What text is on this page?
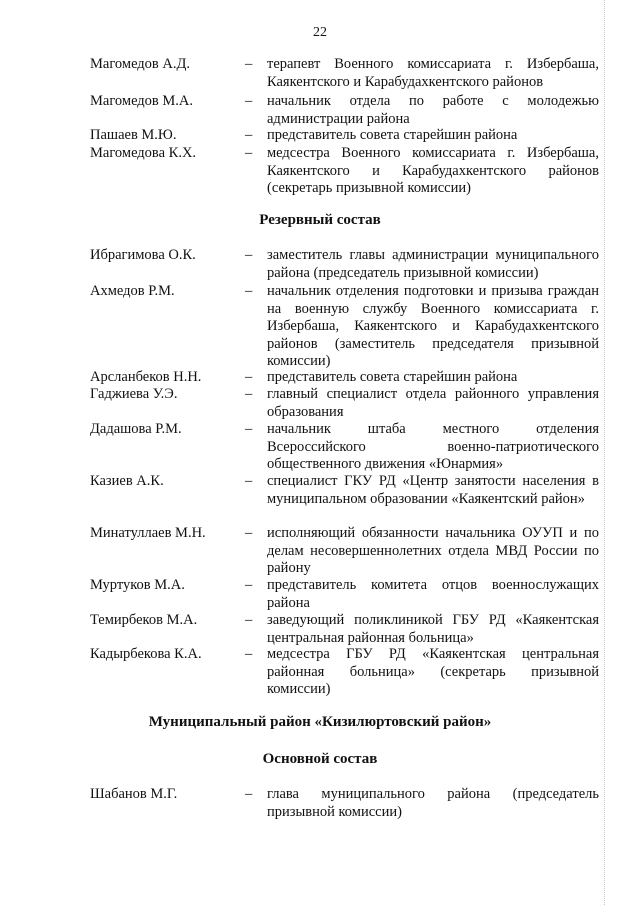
22
Магомедов А.Д.	– терапевт Военного комиссариата г. Избербаша, Каякентского и Карабудахкентского районов
Магомедов М.А.	– начальник отдела по работе с молодежью администрации района
Пашаев М.Ю.	– представитель совета старейшин района
Магомедова К.Х.	– медсестра Военного комиссариата г. Избербаша, Каякентского и Карабудахкентского районов (секретарь призывной комиссии)
Резервный состав
Ибрагимова О.К.	– заместитель главы администрации муниципального района (председатель призывной комиссии)
Ахмедов Р.М.	– начальник отделения подготовки и призыва граждан на военную службу Военного комиссариата г. Избербаша, Каякентского и Карабудахкентского районов (заместитель председателя призывной комиссии)
Арсланбеков Н.Н.	– представитель совета старейшин района
Гаджиева У.Э.	– главный специалист отдела районного управления образования
Дадашова Р.М.	– начальник штаба местного отделения Всероссийского военно-патриотического общественного движения «Юнармия»
Казиев А.К.	– специалист ГКУ РД «Центр занятости населения в муниципальном образовании «Каякентский район»
Минатуллаев М.Н.	– исполняющий обязанности начальника ОУУП и по делам несовершеннолетних отдела МВД России по району
Муртуков М.А.	– представитель комитета отцов военнослужащих района
Темирбеков М.А.	– заведующий поликлиникой ГБУ РД «Каякентская центральная районная больница»
Кадырбекова К.А.	– медсестра ГБУ РД «Каякентская центральная районная больница» (секретарь призывной комиссии)
Муниципальный район «Кизилюртовский район»
Основной состав
Шабанов М.Г.	– глава муниципального района (председатель призывной комиссии)
